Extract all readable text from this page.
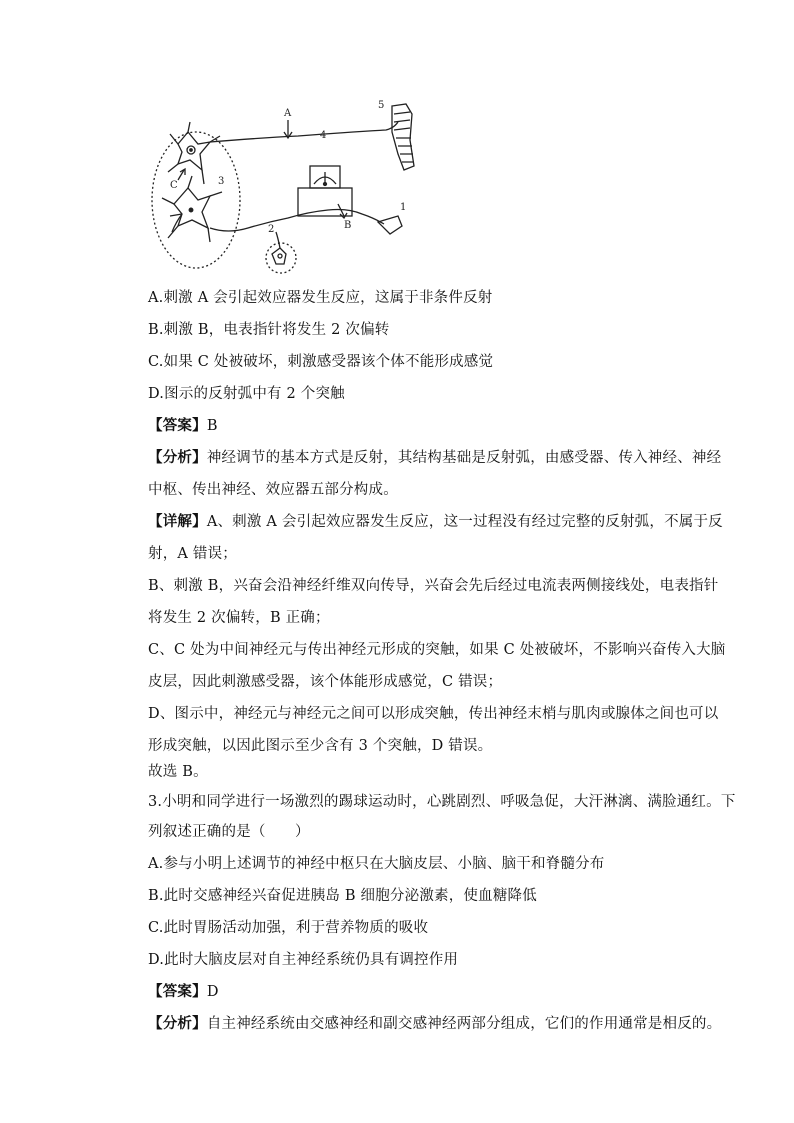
A
B
C
1
2
3
4
5
A.刺激 A 会引起效应器发生反应，这属于非条件反射
B.刺激 B，电表指针将发生 2 次偏转
C.如果 C 处被破坏，刺激感受器该个体不能形成感觉
D.图示的反射弧中有 2 个突触
【答案】B
【分析】神经调节的基本方式是反射，其结构基础是反射弧，由感受器、传入神经、神经
中枢、传出神经、效应器五部分构成。
【详解】A、刺激 A 会引起效应器发生反应，这一过程没有经过完整的反射弧，不属于反
射，A 错误；
B、刺激 B，兴奋会沿神经纤维双向传导，兴奋会先后经过电流表两侧接线处，电表指针
将发生 2 次偏转，B 正确；
C、C 处为中间神经元与传出神经元形成的突触，如果 C 处被破坏，不影响兴奋传入大脑
皮层，因此刺激感受器，该个体能形成感觉，C 错误；
D、图示中，神经元与神经元之间可以形成突触，传出神经末梢与肌肉或腺体之间也可以
形成突触，以因此图示至少含有 3 个突触，D 错误。
故选 B。
3.小明和同学进行一场激烈的踢球运动时，心跳剧烈、呼吸急促，大汗淋漓、满脸通红。下
列叙述正确的是（　　）
A.参与小明上述调节的神经中枢只在大脑皮层、小脑、脑干和脊髓分布
B.此时交感神经兴奋促进胰岛 B 细胞分泌激素，使血糖降低
C.此时胃肠活动加强，利于营养物质的吸收
D.此时大脑皮层对自主神经系统仍具有调控作用
【答案】D
【分析】自主神经系统由交感神经和副交感神经两部分组成，它们的作用通常是相反的。
